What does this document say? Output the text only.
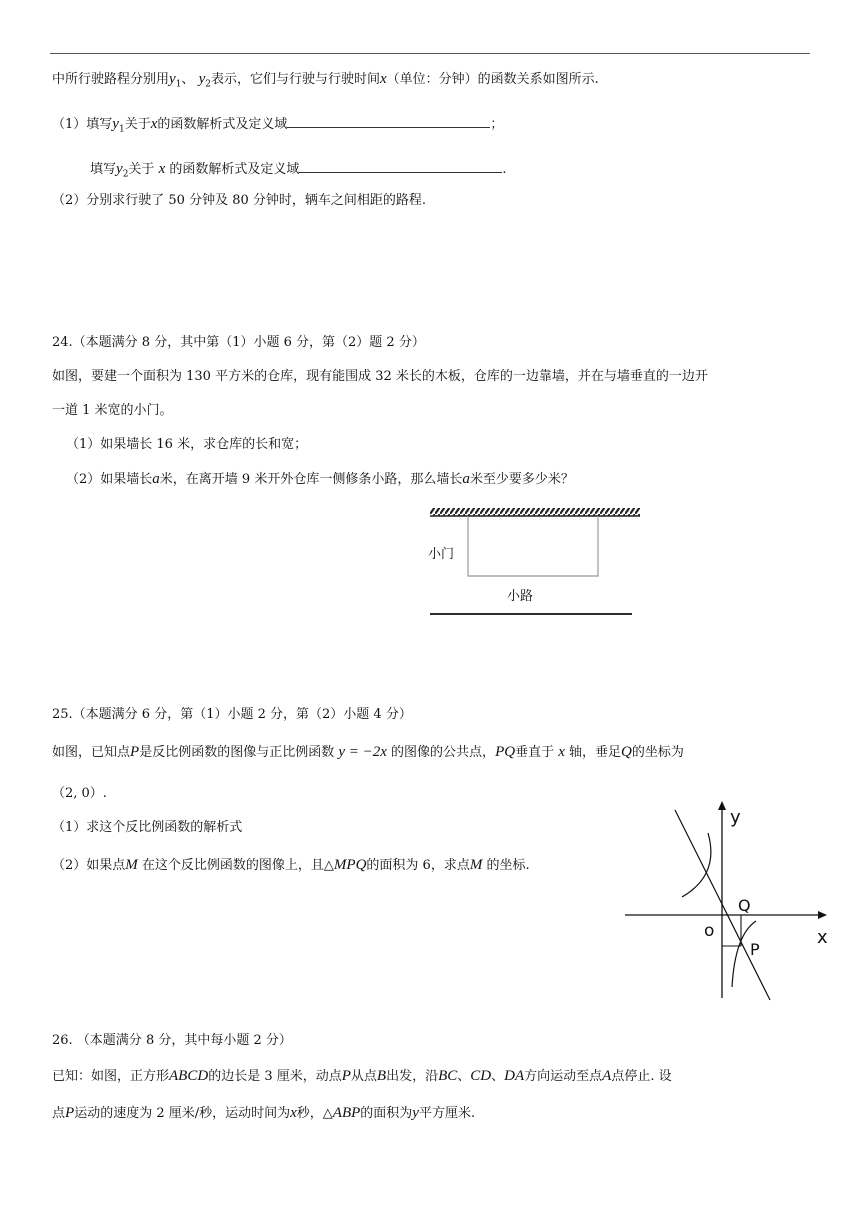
中所行驶路程分别用$y_1$、 $y_2$表示，它们与行驶与行驶时间x（单位：分钟）的函数关系如图所示.
（1）填写$y_1$关于x的函数解析式及定义域	；
填写$y_2$关于 x 的函数解析式及定义域	.
（2）分别求行驶了 50 分钟及 80 分钟时，辆车之间相距的路程.
24.（本题满分 8 分，其中第（1）小题 6 分，第（2）题 2 分）
如图，要建一个面积为 130 平方米的仓库，现有能围成 32 米长的木板，仓库的一边靠墙，并在与墙垂直的一边开
一道 1 米宽的小门。
（1）如果墙长 16 米，求仓库的长和宽；
（2）如果墙长a米，在离开墙 9 米开外仓库一侧修条小路，那么墙长a米至少要多少米？
小门
小路
25.（本题满分 6 分，第（1）小题 2 分，第（2）小题 4 分）
如图，已知点P是反比例函数的图像与正比例函数 y = −2x 的图像的公共点，PQ垂直于 x 轴，垂足Q的坐标为
（2, 0）.
（1）求这个反比例函数的解析式
（2）如果点M 在这个反比例函数的图像上，且△MPQ的面积为 6，求点M 的坐标.
y
x
o
Q
P
26. （本题满分 8 分，其中每小题 2 分）
已知：如图，正方形ABCD的边长是 3 厘米，动点P从点B出发，沿BC、CD、DA方向运动至点A点停止. 设
点P运动的速度为 2 厘米/秒，运动时间为x秒，△ABP的面积为y平方厘米.
